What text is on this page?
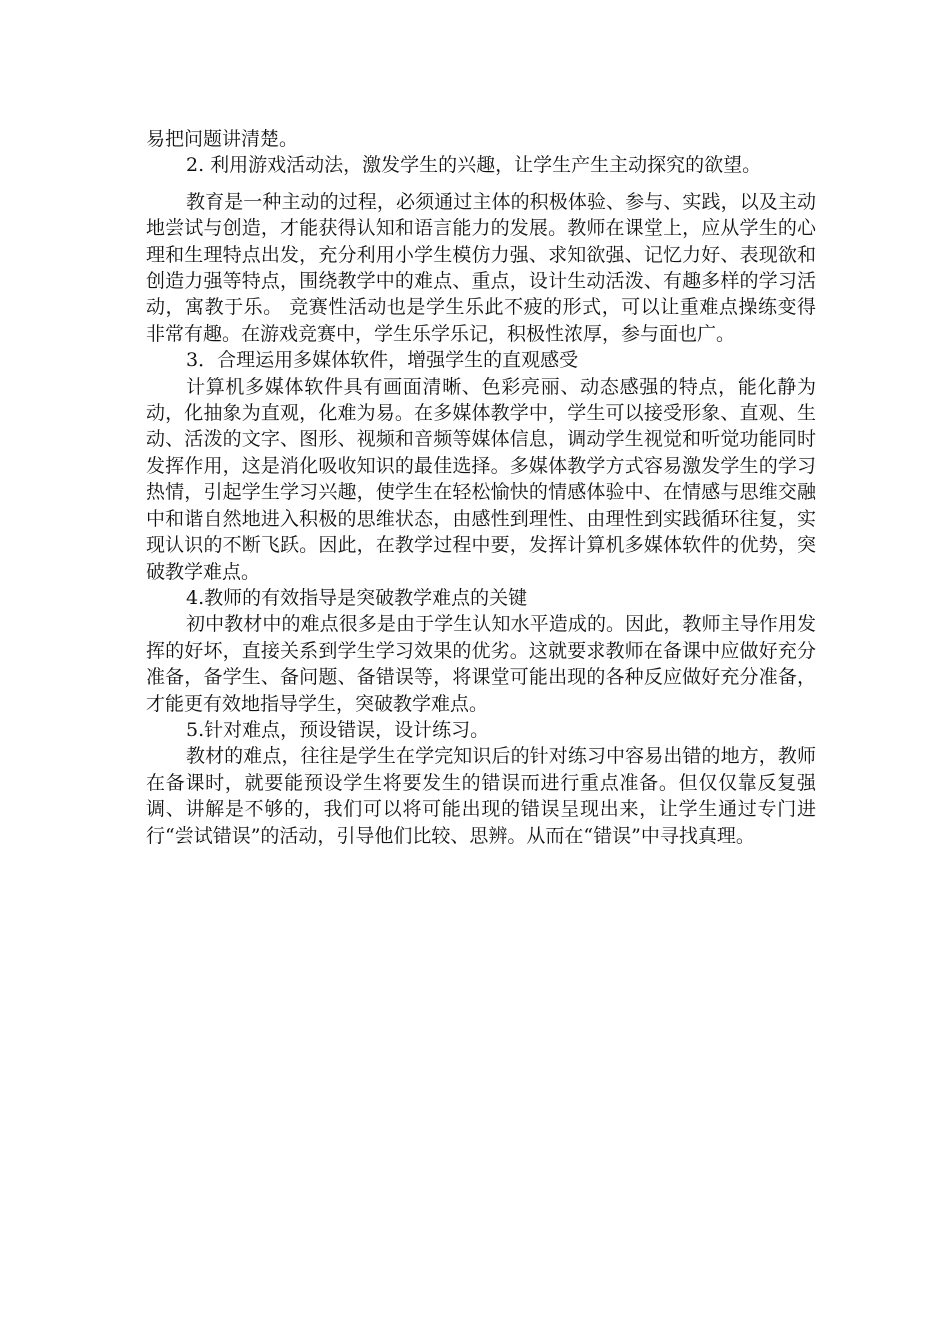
易把问题讲清楚。

2. 利用游戏活动法，激发学生的兴趣，让学生产生主动探究的欲望。

教育是一种主动的过程，必须通过主体的积极体验、参与、实践，以及主动地尝试与创造，才能获得认知和语言能力的发展。教师在课堂上，应从学生的心理和生理特点出发，充分利用小学生模仿力强、求知欲强、记忆力好、表现欲和创造力强等特点，围绕教学中的难点、重点，设计生动活泼、有趣多样的学习活动，寓教于乐。 竞赛性活动也是学生乐此不疲的形式，可以让重难点操练变得非常有趣。在游戏竞赛中，学生乐学乐记，积极性浓厚，参与面也广。

3．合理运用多媒体软件，增强学生的直观感受

计算机多媒体软件具有画面清晰、色彩亮丽、动态感强的特点，能化静为动，化抽象为直观，化难为易。在多媒体教学中，学生可以接受形象、直观、生动、活泼的文字、图形、视频和音频等媒体信息，调动学生视觉和听觉功能同时发挥作用，这是消化吸收知识的最佳选择。多媒体教学方式容易激发学生的学习热情，引起学生学习兴趣，使学生在轻松愉快的情感体验中、在情感与思维交融中和谐自然地进入积极的思维状态，由感性到理性、由理性到实践循环往复，实现认识的不断飞跃。因此，在教学过程中要，发挥计算机多媒体软件的优势，突破教学难点。

4.教师的有效指导是突破教学难点的关键

初中教材中的难点很多是由于学生认知水平造成的。因此，教师主导作用发挥的好坏，直接关系到学生学习效果的优劣。这就要求教师在备课中应做好充分准备，备学生、备问题、备错误等，将课堂可能出现的各种反应做好充分准备，才能更有效地指导学生，突破教学难点。

5.针对难点，预设错误，设计练习。

教材的难点，往往是学生在学完知识后的针对练习中容易出错的地方，教师在备课时，就要能预设学生将要发生的错误而进行重点准备。但仅仅靠反复强调、讲解是不够的，我们可以将可能出现的错误呈现出来，让学生通过专门进行“尝试错误”的活动，引导他们比较、思辨。从而在“错误”中寻找真理。
